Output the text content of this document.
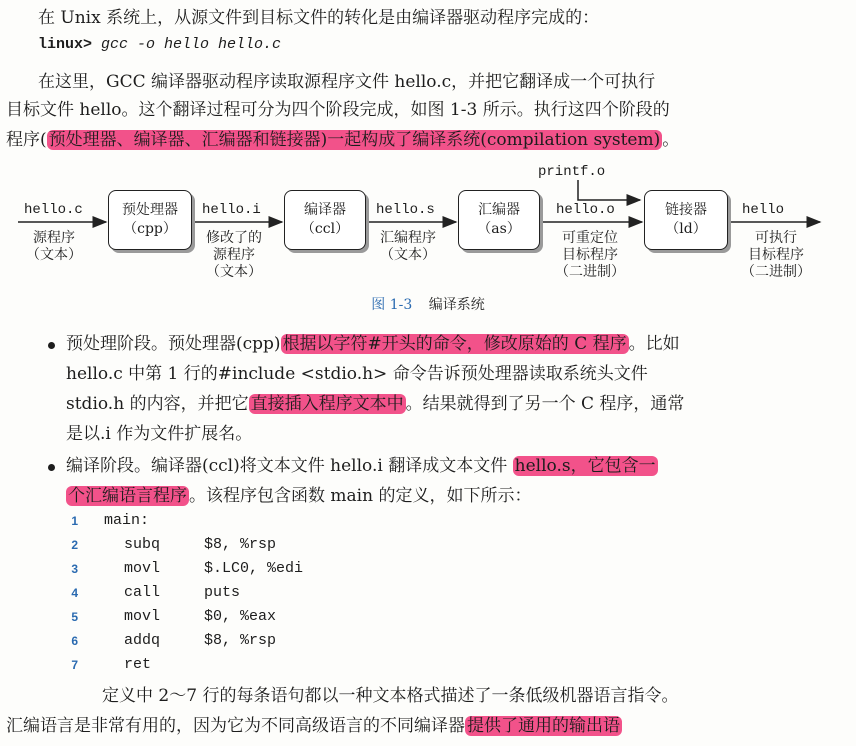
在 Unix 系统上，从源文件到目标文件的转化是由编译器驱动程序完成的：
linux> gcc -o hello hello.c
在这里，GCC 编译器驱动程序读取源程序文件 hello.c，并把它翻译成一个可执行
目标文件 hello。这个翻译过程可分为四个阶段完成，如图 1-3 所示。执行这四个阶段的
程序( 预处理器、编译器、汇编器和链接器)一起构成了编译系统(compilation system) 。
printf.o
hello.c	hello.i	hello.s	hello.o	hello
源程序
（文本）
修改了的
源程序
（文本）
汇编程序
（文本）
可重定位
目标程序
（二进制）
可执行
目标程序
（二进制）
预处理器
（cpp）
编译器
（ccl）
汇编器
（as）
链接器
（ld）
图 1-3 编译系统
预处理阶段。预处理器(cpp) 根据以字符#开头的命令，修改原始的 C 程序 。比如
hello.c 中第 1 行的#include <stdio.h> 命令告诉预处理器读取系统头文件
stdio.h 的内容，并把它 直接插入程序文本中 。结果就得到了另一个 C 程序，通常
是以.i 作为文件扩展名。
编译阶段。编译器(ccl)将文本文件 hello.i 翻译成文本文件 hello.s，它包含一
个汇编语言程序 。该程序包含函数 main 的定义，如下所示：
1 main:
2	subq	$8, %rsp
3	movl	$.LC0, %edi
4	call	puts
5	movl	$0, %eax
6	addq	$8, %rsp
7	ret
定义中 2～7 行的每条语句都以一种文本格式描述了一条低级机器语言指令。
汇编语言是非常有用的，因为它为不同高级语言的不同编译器 提供了通用的输出语
